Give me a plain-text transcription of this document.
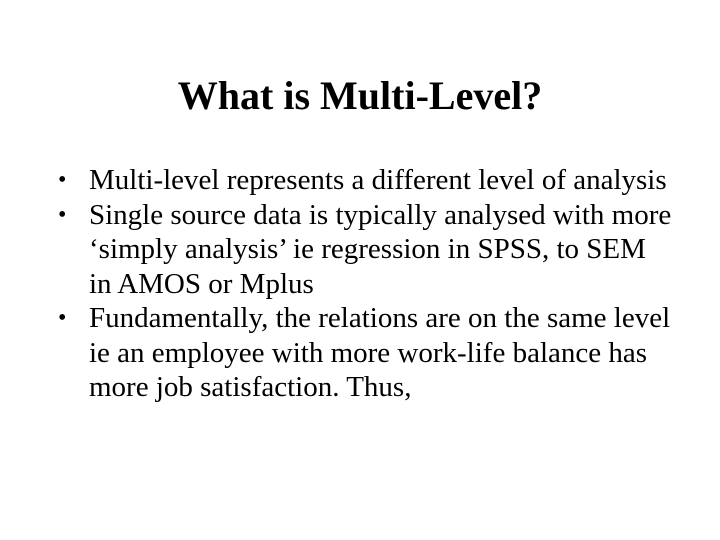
What is Multi-Level?
• Multi-level represents a different level of analysis
• Single source data is typically analysed with more ‘simply analysis’ ie regression in SPSS, to SEM in AMOS or Mplus
• Fundamentally, the relations are on the same level ie an employee with more work-life balance has more job satisfaction. Thus,
